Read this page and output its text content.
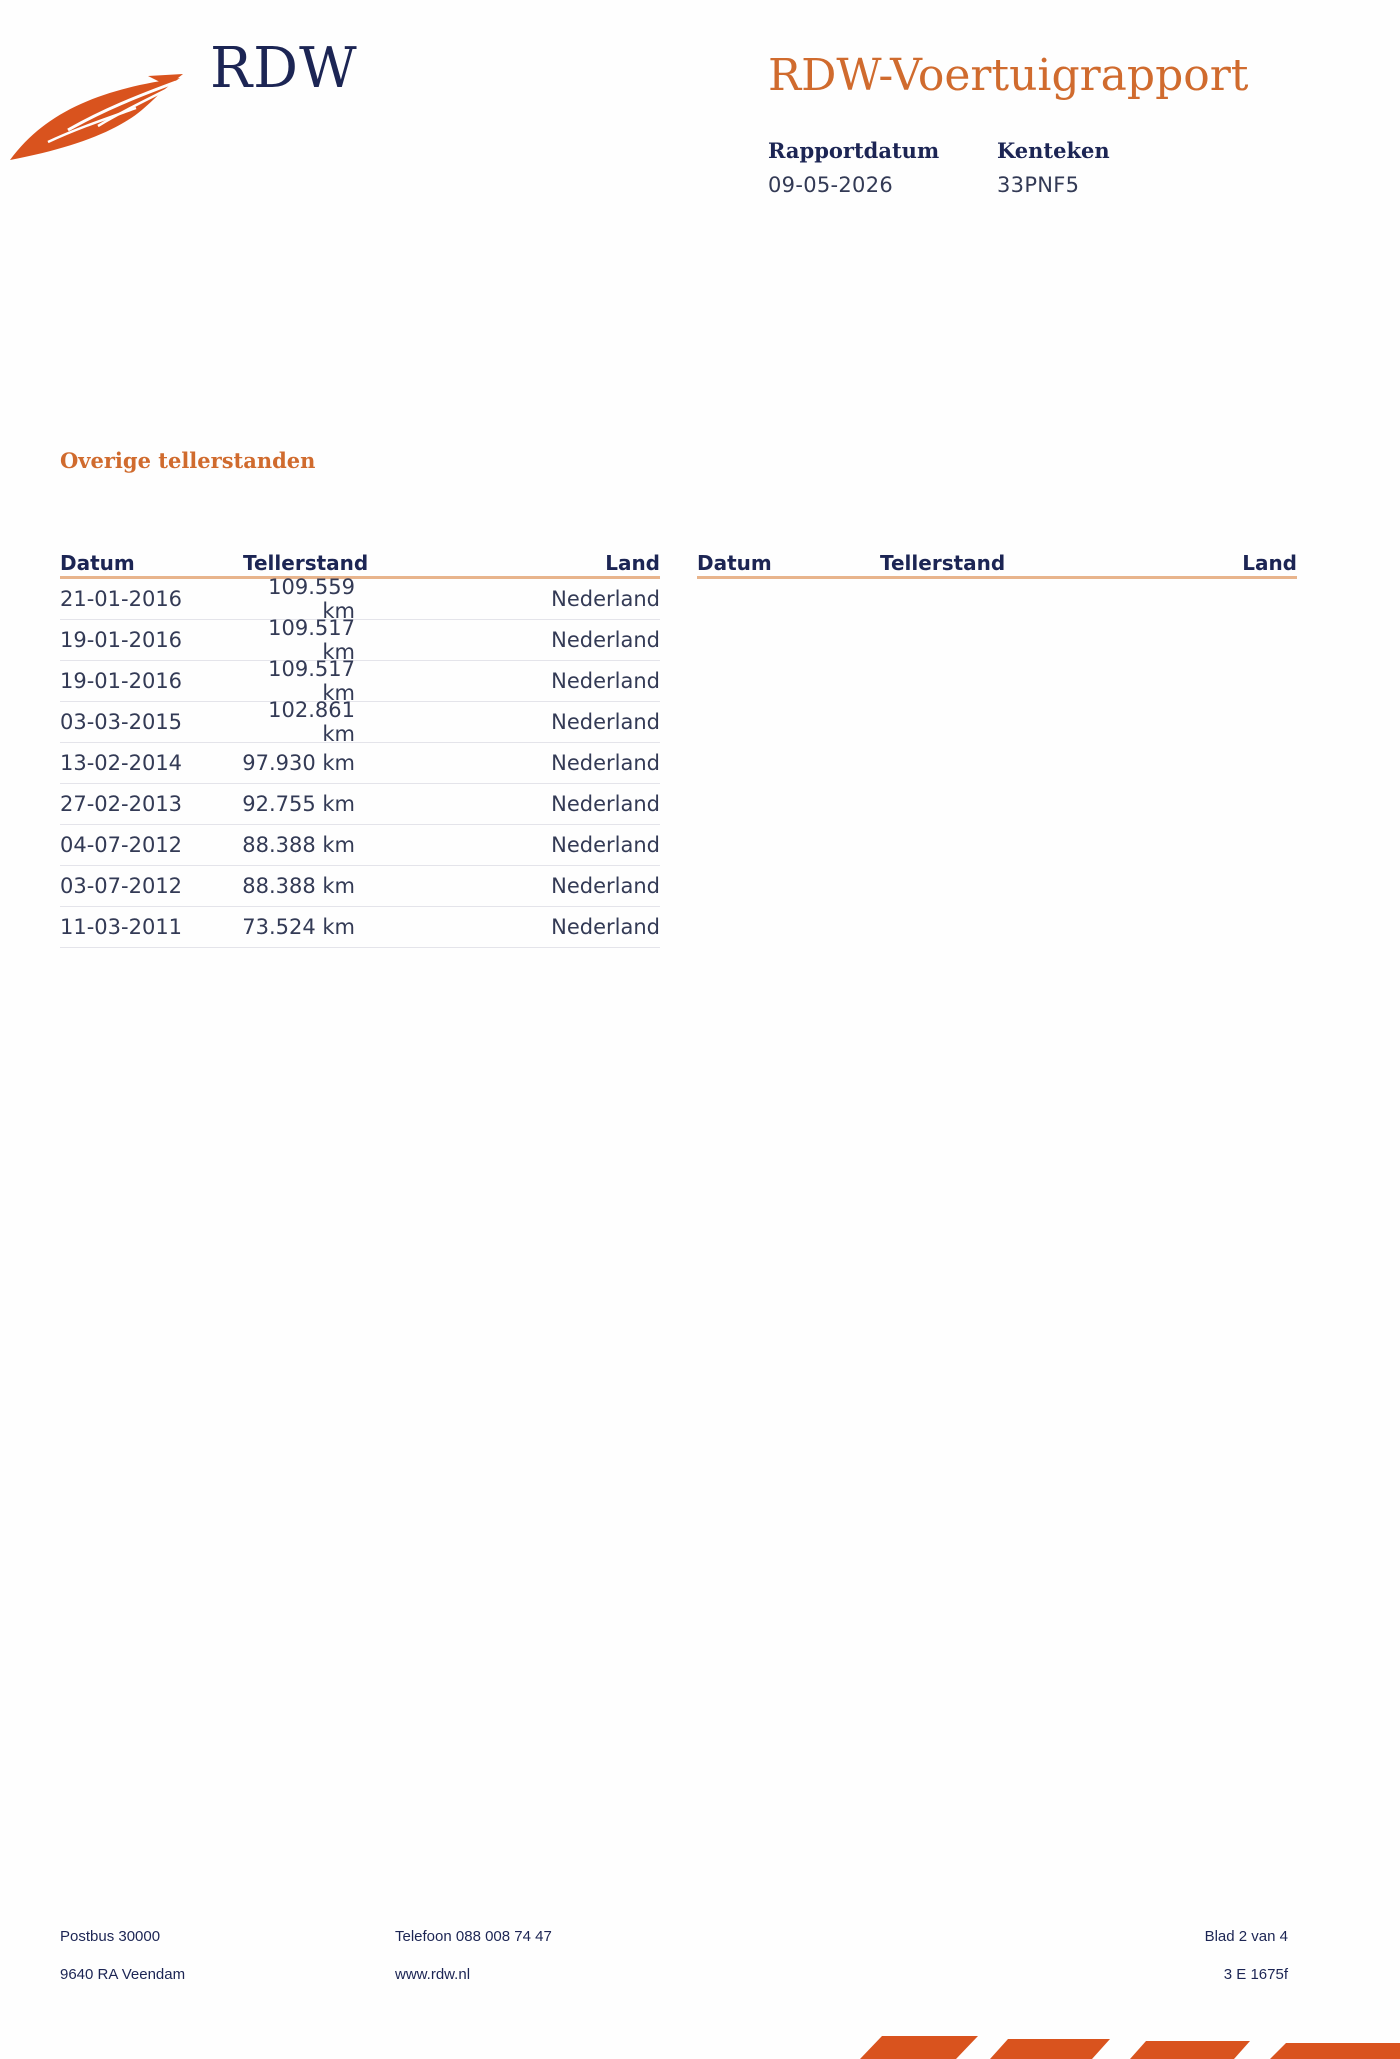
RDW	RDW-Voertuigrapport
Rapportdatum
09-05-2026
Kenteken
33PNF5
Overige tellerstanden
Datum	Tellerstand	Land
21-01-2016	109.559 km	Nederland
19-01-2016	109.517 km	Nederland
19-01-2016	109.517 km	Nederland
03-03-2015	102.861 km	Nederland
13-02-2014	97.930 km	Nederland
27-02-2013	92.755 km	Nederland
04-07-2012	88.388 km	Nederland
03-07-2012	88.388 km	Nederland
11-03-2011	73.524 km	Nederland
Datum	Tellerstand	Land
Postbus 30000
9640 RA Veendam
Telefoon 088 008 74 47
www.rdw.nl
Blad 2 van 4
3 E 1675f
